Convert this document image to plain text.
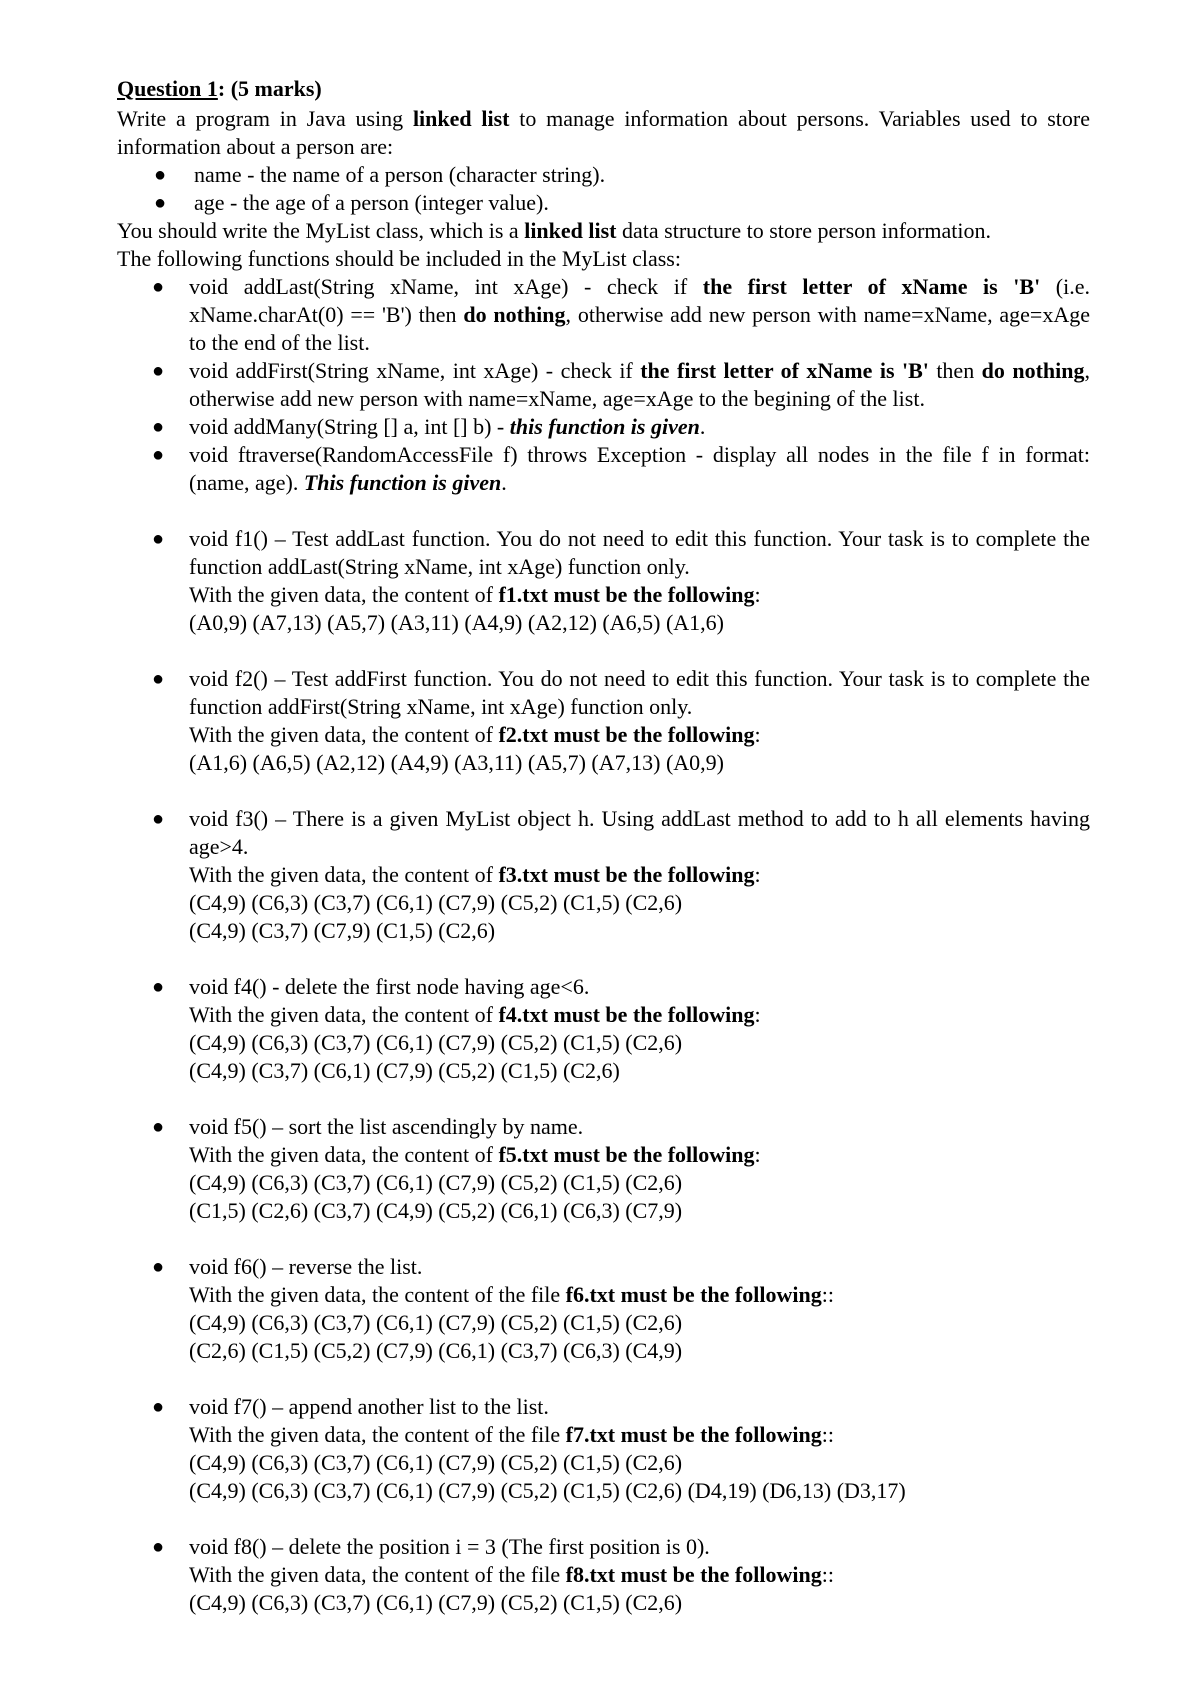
Question 1: (5 marks)

Write a program in Java using linked list to manage information about persons. Variables used to store information about a person are:

● name - the name of a person (character string).
● age - the age of a person (integer value).

You should write the MyList class, which is a linked list data structure to store person information.

The following functions should be included in the MyList class:

● void addLast(String xName, int xAge) - check if the first letter of xName is 'B' (i.e. xName.charAt(0) == 'B') then do nothing, otherwise add new person with name=xName, age=xAge to the end of the list.
● void addFirst(String xName, int xAge) - check if the first letter of xName is 'B' then do nothing, otherwise add new person with name=xName, age=xAge to the begining of the list.
● void addMany(String [] a, int [] b) - this function is given.
● void ftraverse(RandomAccessFile f) throws Exception - display all nodes in the file f in format: (name, age). This function is given.
● void f1() – Test addLast function. You do not need to edit this function. Your task is to complete the function addLast(String xName, int xAge) function only.
With the given data, the content of f1.txt must be the following:
(A0,9) (A7,13) (A5,7) (A3,11) (A4,9) (A2,12) (A6,5) (A1,6)
● void f2() – Test addFirst function. You do not need to edit this function. Your task is to complete the function addFirst(String xName, int xAge) function only.
With the given data, the content of f2.txt must be the following:
(A1,6) (A6,5) (A2,12) (A4,9) (A3,11) (A5,7) (A7,13) (A0,9)
● void f3() – There is a given MyList object h. Using addLast method to add to h all elements having age>4.
With the given data, the content of f3.txt must be the following:
(C4,9) (C6,3) (C3,7) (C6,1) (C7,9) (C5,2) (C1,5) (C2,6)
(C4,9) (C3,7) (C7,9) (C1,5) (C2,6)
● void f4() - delete the first node having age<6.
With the given data, the content of f4.txt must be the following:
(C4,9) (C6,3) (C3,7) (C6,1) (C7,9) (C5,2) (C1,5) (C2,6)
(C4,9) (C3,7) (C6,1) (C7,9) (C5,2) (C1,5) (C2,6)
● void f5() – sort the list ascendingly by name.
With the given data, the content of f5.txt must be the following:
(C4,9) (C6,3) (C3,7) (C6,1) (C7,9) (C5,2) (C1,5) (C2,6)
(C1,5) (C2,6) (C3,7) (C4,9) (C5,2) (C6,1) (C6,3) (C7,9)
● void f6() – reverse the list.
With the given data, the content of the file f6.txt must be the following::
(C4,9) (C6,3) (C3,7) (C6,1) (C7,9) (C5,2) (C1,5) (C2,6)
(C2,6) (C1,5) (C5,2) (C7,9) (C6,1) (C3,7) (C6,3) (C4,9)
● void f7() – append another list to the list.
With the given data, the content of the file f7.txt must be the following::
(C4,9) (C6,3) (C3,7) (C6,1) (C7,9) (C5,2) (C1,5) (C2,6)
(C4,9) (C6,3) (C3,7) (C6,1) (C7,9) (C5,2) (C1,5) (C2,6) (D4,19) (D6,13) (D3,17)
● void f8() – delete the position i = 3 (The first position is 0).
With the given data, the content of the file f8.txt must be the following::
(C4,9) (C6,3) (C3,7) (C6,1) (C7,9) (C5,2) (C1,5) (C2,6)
